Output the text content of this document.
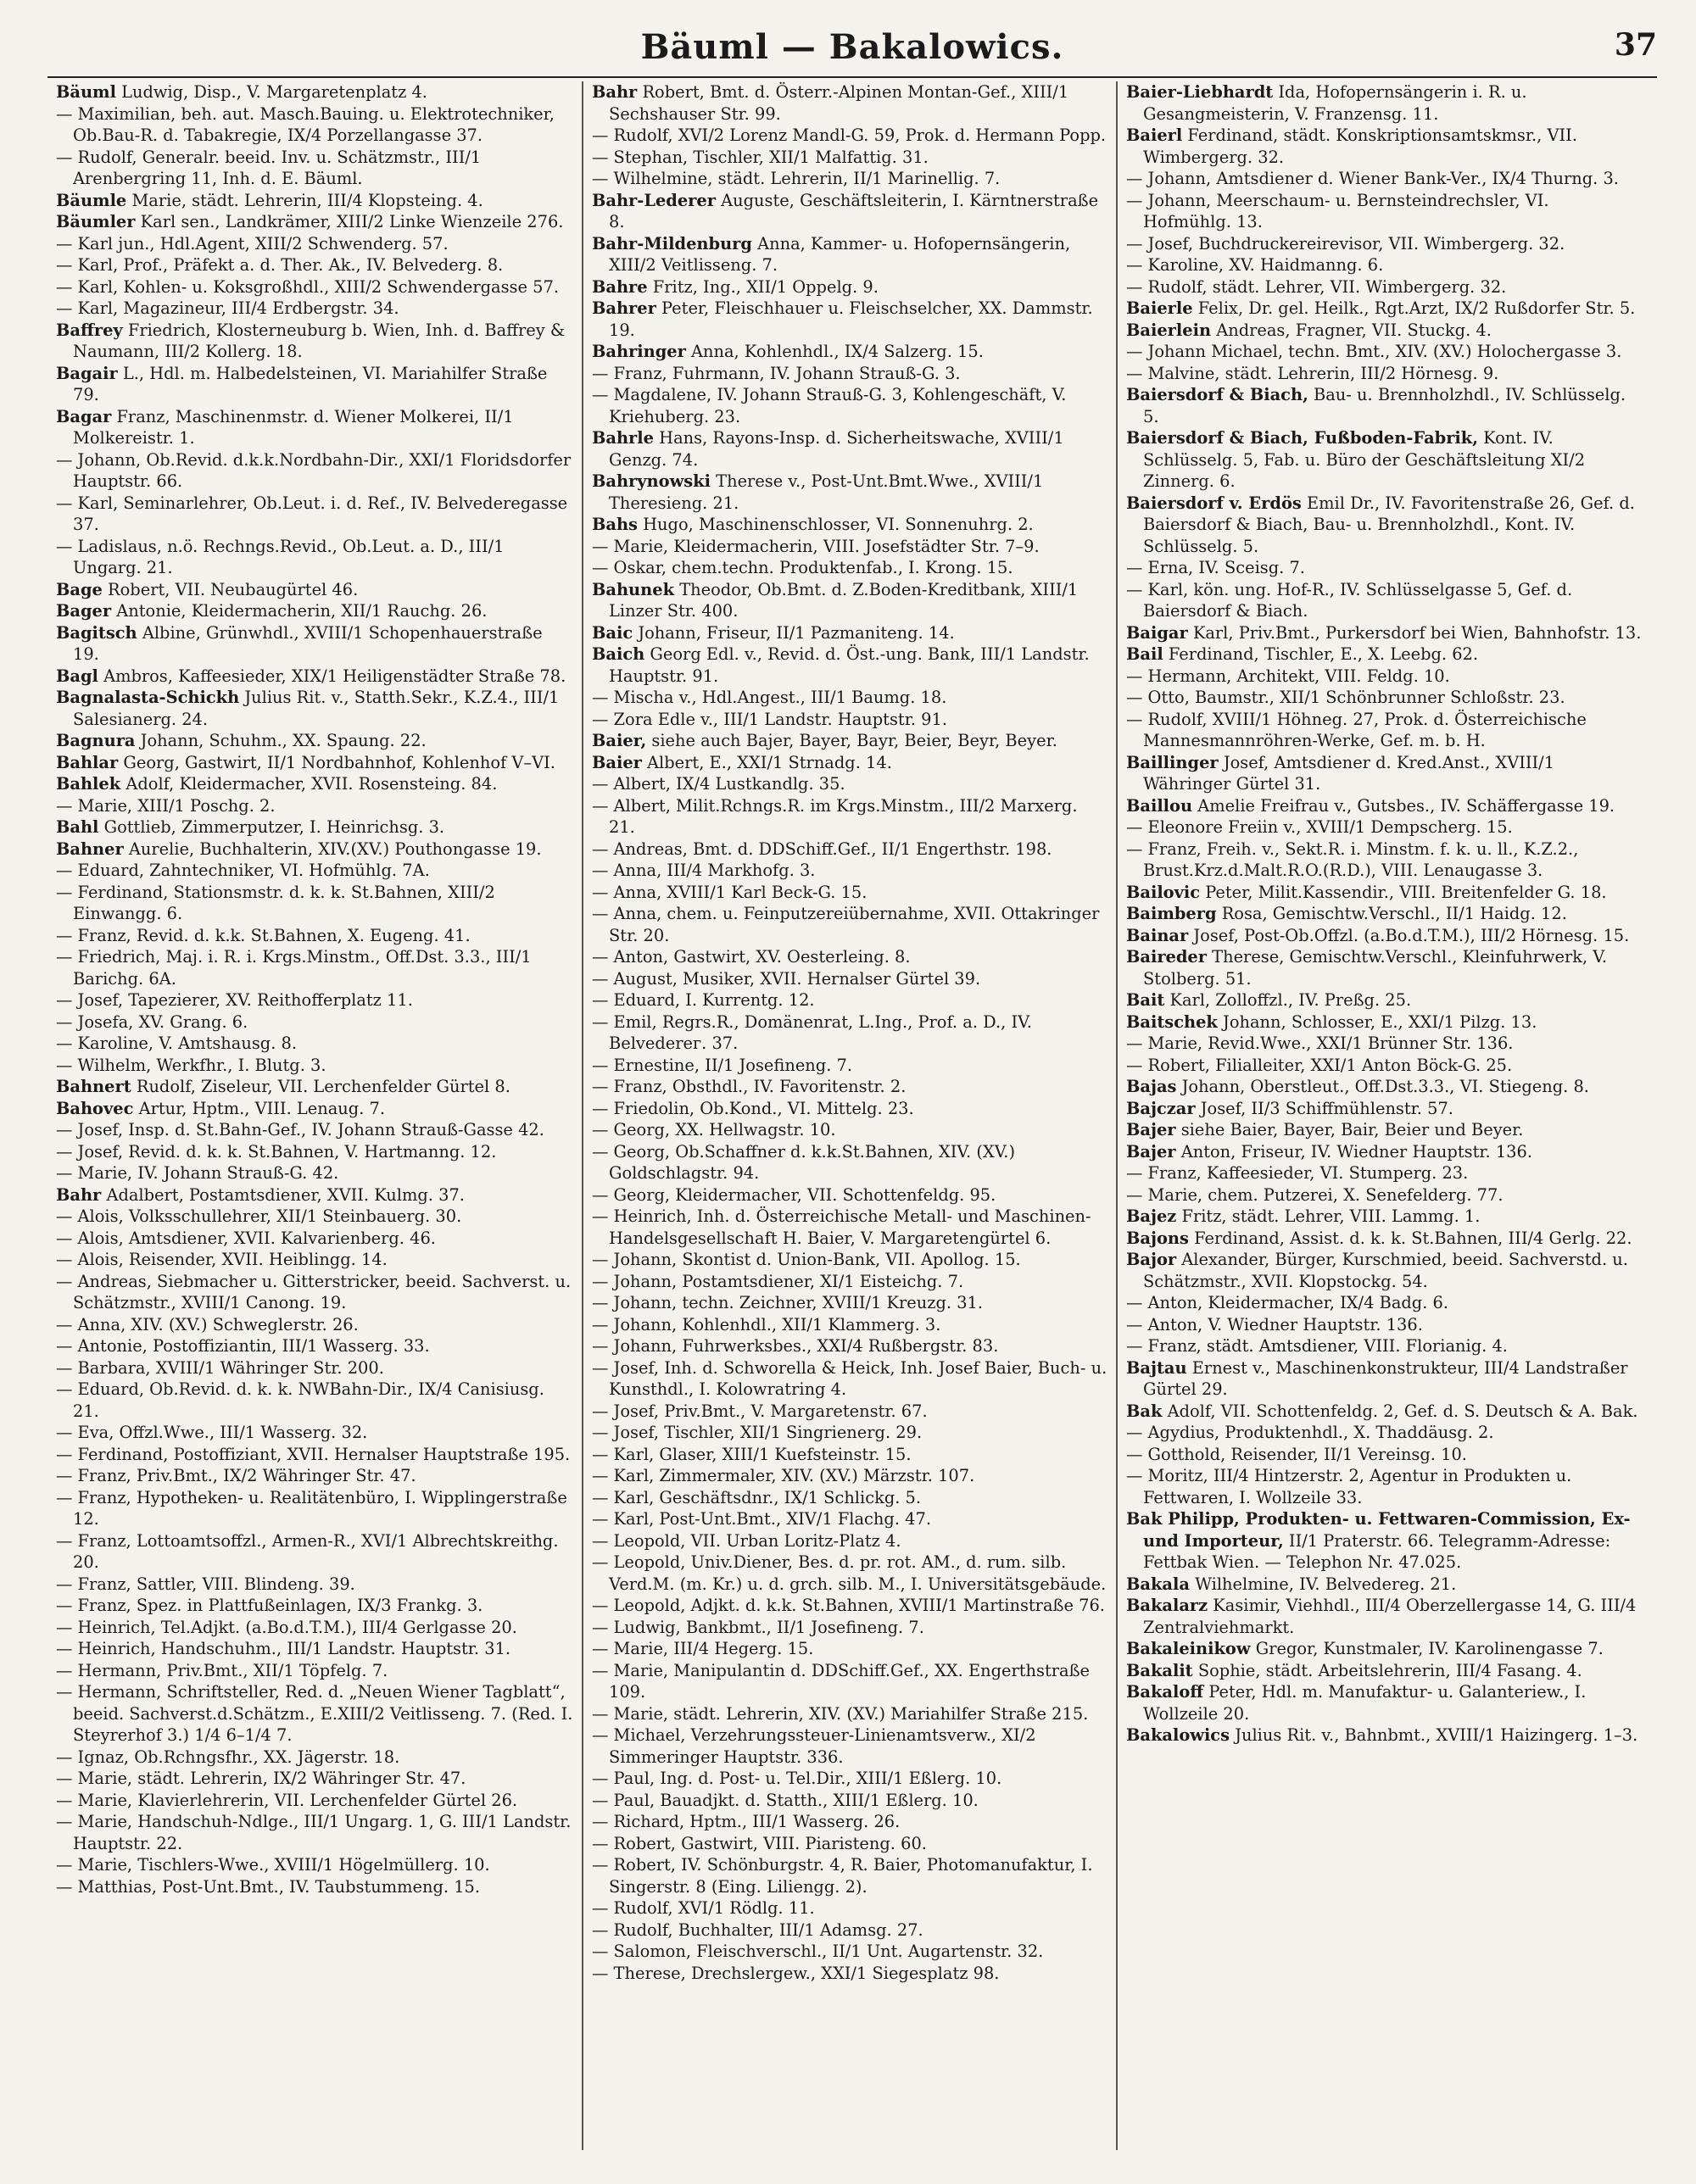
Bäuml — Bakalowics.	37

Bäuml Ludwig, Disp., V. Margaretenplatz 4.

— Maximilian, beh. aut. Masch.Bauing. u. Elektrotechniker, Ob.Bau-R. d. Tabakregie, IX/4 Porzellangasse 37.

— Rudolf, Generalr. beeid. Inv. u. Schätzmstr., III/1 Arenbergring 11, Inh. d. E. Bäuml.

Bäumle Marie, städt. Lehrerin, III/4 Klopsteing. 4.

Bäumler Karl sen., Landkrämer, XIII/2 Linke Wienzeile 276.

— Karl jun., Hdl.Agent, XIII/2 Schwenderg. 57.

— Karl, Prof., Präfekt a. d. Ther. Ak., IV. Belvederg. 8.

— Karl, Kohlen- u. Koksgroßhdl., XIII/2 Schwendergasse 57.

— Karl, Magazineur, III/4 Erdbergstr. 34.

Baffrey Friedrich, Klosterneuburg b. Wien, Inh. d. Baffrey & Naumann, III/2 Kollerg. 18.

Bagair L., Hdl. m. Halbedelsteinen, VI. Mariahilfer Straße 79.

Bagar Franz, Maschinenmstr. d. Wiener Molkerei, II/1 Molkereistr. 1.

— Johann, Ob.Revid. d.k.k.Nordbahn-Dir., XXI/1 Floridsdorfer Hauptstr. 66.

— Karl, Seminarlehrer, Ob.Leut. i. d. Ref., IV. Belvederegasse 37.

— Ladislaus, n.ö. Rechngs.Revid., Ob.Leut. a. D., III/1 Ungarg. 21.

Bage Robert, VII. Neubaugürtel 46.

Bager Antonie, Kleidermacherin, XII/1 Rauchg. 26.

Bagitsch Albine, Grünwhdl., XVIII/1 Schopenhauerstraße 19.

Bagl Ambros, Kaffeesieder, XIX/1 Heiligenstädter Straße 78.

Bagnalasta-Schickh Julius Rit. v., Statth.Sekr., K.Z.4., III/1 Salesianerg. 24.

Bagnura Johann, Schuhm., XX. Spaung. 22.

Bahlar Georg, Gastwirt, II/1 Nordbahnhof, Kohlenhof V–VI.

Bahlek Adolf, Kleidermacher, XVII. Rosensteing. 84.

— Marie, XIII/1 Poschg. 2.

Bahl Gottlieb, Zimmerputzer, I. Heinrichsg. 3.

Bahner Aurelie, Buchhalterin, XIV.(XV.) Pouthongasse 19.

— Eduard, Zahntechniker, VI. Hofmühlg. 7A.

— Ferdinand, Stationsmstr. d. k. k. St.Bahnen, XIII/2 Einwangg. 6.

— Franz, Revid. d. k.k. St.Bahnen, X. Eugeng. 41.

— Friedrich, Maj. i. R. i. Krgs.Minstm., Off.Dst. 3.3., III/1 Barichg. 6A.

— Josef, Tapezierer, XV. Reithofferplatz 11.

— Josefa, XV. Grang. 6.

— Karoline, V. Amtshausg. 8.

— Wilhelm, Werkfhr., I. Blutg. 3.

Bahnert Rudolf, Ziseleur, VII. Lerchenfelder Gürtel 8.

Bahovec Artur, Hptm., VIII. Lenaug. 7.

— Josef, Insp. d. St.Bahn-Gef., IV. Johann Strauß-Gasse 42.

— Josef, Revid. d. k. k. St.Bahnen, V. Hartmanng. 12.

— Marie, IV. Johann Strauß-G. 42.

Bahr Adalbert, Postamtsdiener, XVII. Kulmg. 37.

— Alois, Volksschullehrer, XII/1 Steinbauerg. 30.

— Alois, Amtsdiener, XVII. Kalvarienberg. 46.

— Alois, Reisender, XVII. Heiblingg. 14.

— Andreas, Siebmacher u. Gitterstricker, beeid. Sachverst. u. Schätzmstr., XVIII/1 Canong. 19.

— Anna, XIV. (XV.) Schweglerstr. 26.

— Antonie, Postoffiziantin, III/1 Wasserg. 33.

— Barbara, XVIII/1 Währinger Str. 200.

— Eduard, Ob.Revid. d. k. k. NWBahn-Dir., IX/4 Canisiusg. 21.

— Eva, Offzl.Wwe., III/1 Wasserg. 32.

— Ferdinand, Postoffiziant, XVII. Hernalser Hauptstraße 195.

— Franz, Priv.Bmt., IX/2 Währinger Str. 47.

— Franz, Hypotheken- u. Realitätenbüro, I. Wipplingerstraße 12.

— Franz, Lottoamtsoffzl., Armen-R., XVI/1 Albrechtskreithg. 20.

— Franz, Sattler, VIII. Blindeng. 39.

— Franz, Spez. in Plattfußeinlagen, IX/3 Frankg. 3.

— Heinrich, Tel.Adjkt. (a.Bo.d.T.M.), III/4 Gerlgasse 20.

— Heinrich, Handschuhm., III/1 Landstr. Hauptstr. 31.

— Hermann, Priv.Bmt., XII/1 Töpfelg. 7.

— Hermann, Schriftsteller, Red. d. „Neuen Wiener Tagblatt“, beeid. Sachverst.d.Schätzm., E.XIII/2 Veitlisseng. 7. (Red. I. Steyrerhof 3.) 1/4 6–1/4 7.

— Ignaz, Ob.Rchngsfhr., XX. Jägerstr. 18.

— Marie, städt. Lehrerin, IX/2 Währinger Str. 47.

— Marie, Klavierlehrerin, VII. Lerchenfelder Gürtel 26.

— Marie, Handschuh-Ndlge., III/1 Ungarg. 1, G. III/1 Landstr. Hauptstr. 22.

— Marie, Tischlers-Wwe., XVIII/1 Högelmüllerg. 10.

— Matthias, Post-Unt.Bmt., IV. Taubstummeng. 15.

Bahr Robert, Bmt. d. Österr.-Alpinen Montan-Gef., XIII/1 Sechshauser Str. 99.

— Rudolf, XVI/2 Lorenz Mandl-G. 59, Prok. d. Hermann Popp.

— Stephan, Tischler, XII/1 Malfattig. 31.

— Wilhelmine, städt. Lehrerin, II/1 Marinellig. 7.

Bahr-Lederer Auguste, Geschäftsleiterin, I. Kärntnerstraße 8.

Bahr-Mildenburg Anna, Kammer- u. Hofopernsängerin, XIII/2 Veitlisseng. 7.

Bahre Fritz, Ing., XII/1 Oppelg. 9.

Bahrer Peter, Fleischhauer u. Fleischselcher, XX. Dammstr. 19.

Bahringer Anna, Kohlenhdl., IX/4 Salzerg. 15.

— Franz, Fuhrmann, IV. Johann Strauß-G. 3.

— Magdalene, IV. Johann Strauß-G. 3, Kohlengeschäft, V. Kriehuberg. 23.

Bahrle Hans, Rayons-Insp. d. Sicherheitswache, XVIII/1 Genzg. 74.

Bahrynowski Therese v., Post-Unt.Bmt.Wwe., XVIII/1 Theresieng. 21.

Bahs Hugo, Maschinenschlosser, VI. Sonnenuhrg. 2.

— Marie, Kleidermacherin, VIII. Josefstädter Str. 7–9.

— Oskar, chem.techn. Produktenfab., I. Krong. 15.

Bahunek Theodor, Ob.Bmt. d. Z.Boden-Kreditbank, XIII/1 Linzer Str. 400.

Baic Johann, Friseur, II/1 Pazmaniteng. 14.

Baich Georg Edl. v., Revid. d. Öst.-ung. Bank, III/1 Landstr. Hauptstr. 91.

— Mischa v., Hdl.Angest., III/1 Baumg. 18.

— Zora Edle v., III/1 Landstr. Hauptstr. 91.

Baier, siehe auch Bajer, Bayer, Bayr, Beier, Beyr, Beyer.

Baier Albert, E., XXI/1 Strnadg. 14.

— Albert, IX/4 Lustkandlg. 35.

— Albert, Milit.Rchngs.R. im Krgs.Minstm., III/2 Marxerg. 21.

— Andreas, Bmt. d. DDSchiff.Gef., II/1 Engerthstr. 198.

— Anna, III/4 Markhofg. 3.

— Anna, XVIII/1 Karl Beck-G. 15.

— Anna, chem. u. Feinputzereiübernahme, XVII. Ottakringer Str. 20.

— Anton, Gastwirt, XV. Oesterleing. 8.

— August, Musiker, XVII. Hernalser Gürtel 39.

— Eduard, I. Kurrentg. 12.

— Emil, Regrs.R., Domänenrat, L.Ing., Prof. a. D., IV. Belvederег. 37.

— Ernestine, II/1 Josefineng. 7.

— Franz, Obsthdl., IV. Favoritenstr. 2.

— Friedolin, Ob.Kond., VI. Mittelg. 23.

— Georg, XX. Hellwagstr. 10.

— Georg, Ob.Schaffner d. k.k.St.Bahnen, XIV. (XV.) Goldschlagstr. 94.

— Georg, Kleidermacher, VII. Schottenfeldg. 95.

— Heinrich, Inh. d. Österreichische Metall- und Maschinen-Handelsgesellschaft H. Baier, V. Margaretengürtel 6.

— Johann, Skontist d. Union-Bank, VII. Apollog. 15.

— Johann, Postamtsdiener, XI/1 Eisteichg. 7.

— Johann, techn. Zeichner, XVIII/1 Kreuzg. 31.

— Johann, Kohlenhdl., XII/1 Klammerg. 3.

— Johann, Fuhrwerksbes., XXI/4 Rußbergstr. 83.

— Josef, Inh. d. Schworella & Heick, Inh. Josef Baier, Buch- u. Kunsthdl., I. Kolowratring 4.

— Josef, Priv.Bmt., V. Margaretenstr. 67.

— Josef, Tischler, XII/1 Singrienerg. 29.

— Karl, Glaser, XIII/1 Kuefsteinstr. 15.

— Karl, Zimmermaler, XIV. (XV.) Märzstr. 107.

— Karl, Geschäftsdnr., IX/1 Schlickg. 5.

— Karl, Post-Unt.Bmt., XIV/1 Flachg. 47.

— Leopold, VII. Urban Loritz-Platz 4.

— Leopold, Univ.Diener, Bes. d. pr. rot. AM., d. rum. silb. Verd.M. (m. Kr.) u. d. grch. silb. M., I. Universitätsgebäude.

— Leopold, Adjkt. d. k.k. St.Bahnen, XVIII/1 Martinstraße 76.

— Ludwig, Bankbmt., II/1 Josefineng. 7.

— Marie, III/4 Hegerg. 15.

— Marie, Manipulantin d. DDSchiff.Gef., XX. Engerthstraße 109.

— Marie, städt. Lehrerin, XIV. (XV.) Mariahilfer Straße 215.

— Michael, Verzehrungssteuer-Linienamtsverw., XI/2 Simmeringer Hauptstr. 336.

— Paul, Ing. d. Post- u. Tel.Dir., XIII/1 Eßlerg. 10.

— Paul, Bauadjkt. d. Statth., XIII/1 Eßlerg. 10.

— Richard, Hptm., III/1 Wasserg. 26.

— Robert, Gastwirt, VIII. Piaristeng. 60.

— Robert, IV. Schönburgstr. 4, R. Baier, Photomanufaktur, I. Singerstr. 8 (Eing. Liliengg. 2).

— Rudolf, XVI/1 Rödlg. 11.

— Rudolf, Buchhalter, III/1 Adamsg. 27.

— Salomon, Fleischverschl., II/1 Unt. Augartenstr. 32.

— Therese, Drechslergew., XXI/1 Siegesplatz 98.

Baier-Liebhardt Ida, Hofopernsängerin i. R. u. Gesangmeisterin, V. Franzensg. 11.

Baierl Ferdinand, städt. Konskriptionsamtskmsr., VII. Wimbergerg. 32.

— Johann, Amtsdiener d. Wiener Bank-Ver., IX/4 Thurng. 3.

— Johann, Meerschaum- u. Bernsteindrechsler, VI. Hofmühlg. 13.

— Josef, Buchdruckereirevisor, VII. Wimbergerg. 32.

— Karoline, XV. Haidmanng. 6.

— Rudolf, städt. Lehrer, VII. Wimbergerg. 32.

Baierle Felix, Dr. gel. Heilk., Rgt.Arzt, IX/2 Rußdorfer Str. 5.

Baierlein Andreas, Fragner, VII. Stuckg. 4.

— Johann Michael, techn. Bmt., XIV. (XV.) Holochergasse 3.

— Malvine, städt. Lehrerin, III/2 Hörnesg. 9.

Baiersdorf & Biach, Bau- u. Brennholzhdl., IV. Schlüsselg. 5.

Baiersdorf & Biach, Fußboden-Fabrik, Kont. IV. Schlüsselg. 5, Fab. u. Büro der Geschäftsleitung XI/2 Zinnerg. 6.

Baiersdorf v. Erdös Emil Dr., IV. Favoritenstraße 26, Gef. d. Baiersdorf & Biach, Bau- u. Brennholzhdl., Kont. IV. Schlüsselg. 5.

— Erna, IV. Sceisg. 7.

— Karl, kön. ung. Hof-R., IV. Schlüsselgasse 5, Gef. d. Baiersdorf & Biach.

Baigar Karl, Priv.Bmt., Purkersdorf bei Wien, Bahnhofstr. 13.

Bail Ferdinand, Tischler, E., X. Leebg. 62.

— Hermann, Architekt, VIII. Feldg. 10.

— Otto, Baumstr., XII/1 Schönbrunner Schloßstr. 23.

— Rudolf, XVIII/1 Höhneg. 27, Prok. d. Österreichische Mannesmannröhren-Werke, Gef. m. b. H.

Baillinger Josef, Amtsdiener d. Kred.Anst., XVIII/1 Währinger Gürtel 31.

Baillou Amelie Freifrau v., Gutsbes., IV. Schäffergasse 19.

— Eleonore Freiin v., XVIII/1 Dempscherg. 15.

— Franz, Freih. v., Sekt.R. i. Minstm. f. k. u. ll., K.Z.2., Brust.Krz.d.Malt.R.O.(R.D.), VIII. Lenaugasse 3.

Bailovic Peter, Milit.Kassendir., VIII. Breitenfelder G. 18.

Baimberg Rosa, Gemischtw.Verschl., II/1 Haidg. 12.

Bainar Josef, Post-Ob.Offzl. (a.Bo.d.T.M.), III/2 Hörnesg. 15.

Baireder Therese, Gemischtw.Verschl., Kleinfuhrwerk, V. Stolberg. 51.

Bait Karl, Zolloffzl., IV. Preßg. 25.

Baitschek Johann, Schlosser, E., XXI/1 Pilzg. 13.

— Marie, Revid.Wwe., XXI/1 Brünner Str. 136.

— Robert, Filialleiter, XXI/1 Anton Böck-G. 25.

Bajas Johann, Oberstleut., Off.Dst.3.3., VI. Stiegeng. 8.

Bajczar Josef, II/3 Schiffmühlenstr. 57.

Bajer siehe Baier, Bayer, Bair, Beier und Beyer.

Bajer Anton, Friseur, IV. Wiedner Hauptstr. 136.

— Franz, Kaffeesieder, VI. Stumperg. 23.

— Marie, chem. Putzerei, X. Senefelderg. 77.

Bajez Fritz, städt. Lehrer, VIII. Lammg. 1.

Bajons Ferdinand, Assist. d. k. k. St.Bahnen, III/4 Gerlg. 22.

Bajor Alexander, Bürger, Kurschmied, beeid. Sachverstd. u. Schätzmstr., XVII. Klopstockg. 54.

— Anton, Kleidermacher, IX/4 Badg. 6.

— Anton, V. Wiedner Hauptstr. 136.

— Franz, städt. Amtsdiener, VIII. Florianig. 4.

Bajtau Ernest v., Maschinenkonstrukteur, III/4 Landstraßer Gürtel 29.

Bak Adolf, VII. Schottenfeldg. 2, Gef. d. S. Deutsch & A. Bak.

— Agydius, Produktenhdl., X. Thaddäusg. 2.

— Gotthold, Reisender, II/1 Vereinsg. 10.

— Moritz, III/4 Hintzerstr. 2, Agentur in Produkten u. Fettwaren, I. Wollzeile 33.

Bak Philipp, Produkten- u. Fettwaren-Commission, Ex- und Importeur, II/1 Praterstr. 66. Telegramm-Adresse: Fettbak Wien. — Telephon Nr. 47.025.

Bakala Wilhelmine, IV. Belvedereg. 21.

Bakalarz Kasimir, Viehhdl., III/4 Oberzellergasse 14, G. III/4 Zentralviehmarkt.

Bakaleinikow Gregor, Kunstmaler, IV. Karolinengasse 7.

Bakalit Sophie, städt. Arbeitslehrerin, III/4 Fasang. 4.

Bakaloff Peter, Hdl. m. Manufaktur- u. Galanteriew., I. Wollzeile 20.

Bakalowics Julius Rit. v., Bahnbmt., XVIII/1 Haizingerg. 1–3.
